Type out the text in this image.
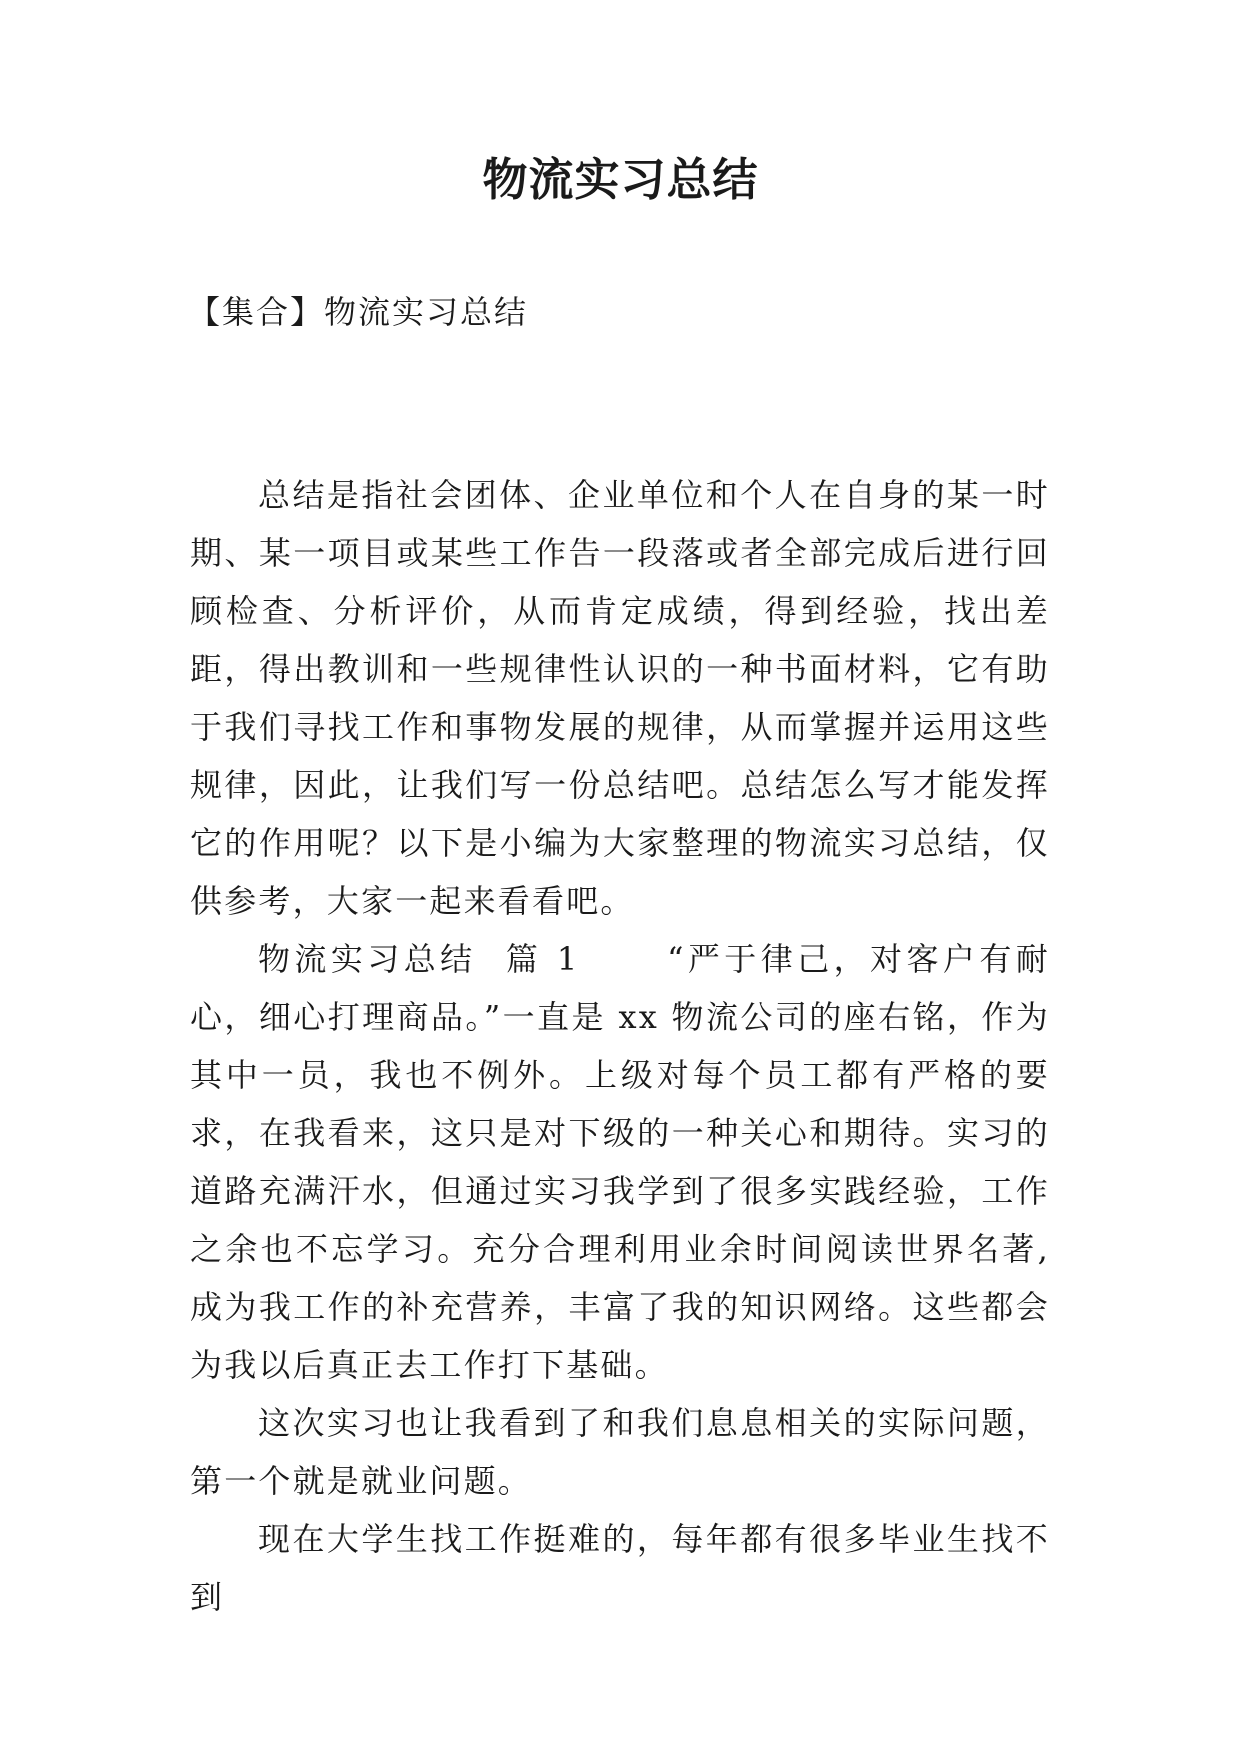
物流实习总结
【集合】物流实习总结

总结是指社会团体、企业单位和个人在自身的某一时期、某一项目或某些工作告一段落或者全部完成后进行回顾检查、分析评价，从而肯定成绩，得到经验，找出差距，得出教训和一些规律性认识的一种书面材料，它有助于我们寻找工作和事物发展的规律，从而掌握并运用这些规律，因此，让我们写一份总结吧。总结怎么写才能发挥它的作用呢？以下是小编为大家整理的物流实习总结，仅供参考，大家一起来看看吧。

物流实习总结  篇 1      “严于律己，对客户有耐心，细心打理商品。”一直是 xx 物流公司的座右铭，作为其中一员，我也不例外。上级对每个员工都有严格的要求，在我看来，这只是对下级的一种关心和期待。实习的道路充满汗水，但通过实习我学到了很多实践经验，工作之余也不忘学习。充分合理利用业余时间阅读世界名著,成为我工作的补充营养，丰富了我的知识网络。这些都会为我以后真正去工作打下基础。

这次实习也让我看到了和我们息息相关的实际问题，第一个就是就业问题。

现在大学生找工作挺难的，每年都有很多毕业生找不到
